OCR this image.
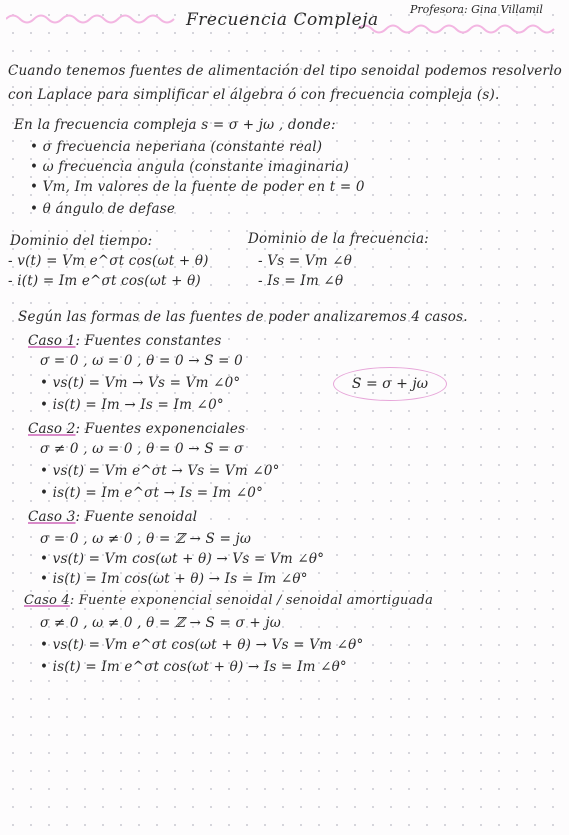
Frecuencia Compleja
Profesora: Gina Villamil
Cuando tenemos fuentes de alimentación del tipo senoidal podemos resolverlo
con Laplace para simplificar el álgebra ó con frecuencia compleja (s).
En la frecuencia compleja s = σ + jω , donde:
• σ frecuencia neperiana (constante real)
• ω frecuencia angula (constante imaginaria)
• Vm, Im valores de la fuente de poder en t = 0
• θ ángulo de defase
Dominio del tiempo:
- v(t) = Vm e^σt cos(ωt + θ)
- i(t) = Im e^σt cos(ωt + θ)
Dominio de la frecuencia:
- Vs = Vm ∠θ
- Is = Im ∠θ
Según las formas de las fuentes de poder analizaremos 4 casos.
Caso 1: Fuentes constantes
σ = 0 , ω = 0 , θ = 0 → S = 0
• vs(t) = Vm → Vs = Vm ∠0°
• is(t) = Im → Is = Im ∠0°
S = σ + jω
Caso 2: Fuentes exponenciales
σ ≠ 0 , ω = 0 , θ = 0 → S = σ
• vs(t) = Vm e^σt → Vs = Vm ∠0°
• is(t) = Im e^σt → Is = Im ∠0°
Caso 3: Fuente senoidal
σ = 0 , ω ≠ 0 , θ = ℤ → S = jω
• vs(t) = Vm cos(ωt + θ) → Vs = Vm ∠θ°
• is(t) = Im cos(ωt + θ) → Is = Im ∠θ°
Caso 4: Fuente exponencial senoidal / senoidal amortiguada
σ ≠ 0 , ω ≠ 0 , θ = ℤ → S = σ + jω
• vs(t) = Vm e^σt cos(ωt + θ) → Vs = Vm ∠θ°
• is(t) = Im e^σt cos(ωt + θ) → Is = Im ∠θ°
